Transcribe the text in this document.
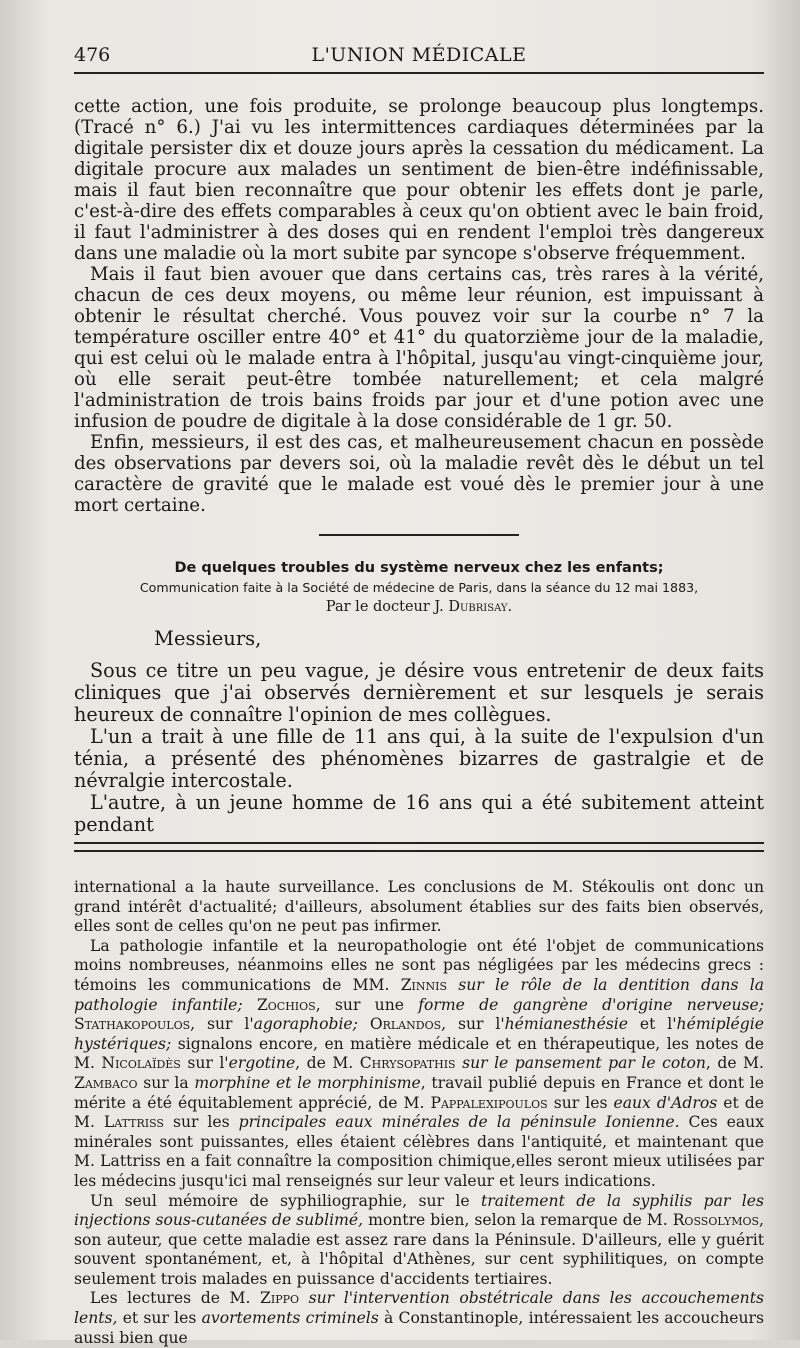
476	L'UNION MÉDICALE

cette action, une fois produite, se prolonge beaucoup plus longtemps. (Tracé n° 6.) J'ai vu les intermittences cardiaques déterminées par la digitale persister dix et douze jours après la cessation du médicament. La digitale procure aux malades un sentiment de bien-être indéfinissable, mais il faut bien reconnaître que pour obtenir les effets dont je parle, c'est-à-dire des effets comparables à ceux qu'on obtient avec le bain froid, il faut l'administrer à des doses qui en rendent l'emploi très dangereux dans une maladie où la mort subite par syncope s'observe fréquemment.

Mais il faut bien avouer que dans certains cas, très rares à la vérité, chacun de ces deux moyens, ou même leur réunion, est impuissant à obtenir le résultat cherché. Vous pouvez voir sur la courbe n° 7 la température osciller entre 40° et 41° du quatorzième jour de la maladie, qui est celui où le malade entra à l'hôpital, jusqu'au vingt-cinquième jour, où elle serait peut-être tombée naturellement; et cela malgré l'administration de trois bains froids par jour et d'une potion avec une infusion de poudre de digitale à la dose considérable de 1 gr. 50.

Enfin, messieurs, il est des cas, et malheureusement chacun en possède des observations par devers soi, où la maladie revêt dès le début un tel caractère de gravité que le malade est voué dès le premier jour à une mort certaine.

De quelques troubles du système nerveux chez les enfants;

Communication faite à la Société de médecine de Paris, dans la séance du 12 mai 1883,

Par le docteur J. Dubrisay.

Messieurs,

Sous ce titre un peu vague, je désire vous entretenir de deux faits cliniques que j'ai observés dernièrement et sur lesquels je serais heureux de connaître l'opinion de mes collègues.

L'un a trait à une fille de 11 ans qui, à la suite de l'expulsion d'un ténia, a présenté des phénomènes bizarres de gastralgie et de névralgie intercostale.

L'autre, à un jeune homme de 16 ans qui a été subitement atteint pendant

international a la haute surveillance. Les conclusions de M. Stékoulis ont donc un grand intérêt d'actualité; d'ailleurs, absolument établies sur des faits bien observés, elles sont de celles qu'on ne peut pas infirmer.

La pathologie infantile et la neuropathologie ont été l'objet de communications moins nombreuses, néanmoins elles ne sont pas négligées par les médecins grecs : témoins les communications de MM. Zinnis sur le rôle de la dentition dans la pathologie infantile; Zochios, sur une forme de gangrène d'origine nerveuse; Stathakopoulos, sur l'agoraphobie; Orlandos, sur l'hémianesthésie et l'hémiplégie hystériques; signalons encore, en matière médicale et en thérapeutique, les notes de M. Nicolaïdès sur l'ergotine, de M. Chrysopathis sur le pansement par le coton, de M. Zambaco sur la morphine et le morphinisme, travail publié depuis en France et dont le mérite a été équitablement apprécié, de M. Pappalexipoulos sur les eaux d'Adros et de M. Lattriss sur les principales eaux minérales de la péninsule Ionienne. Ces eaux minérales sont puissantes, elles étaient célèbres dans l'antiquité, et maintenant que M. Lattriss en a fait connaître la composition chimique,elles seront mieux utilisées par les médecins jusqu'ici mal renseignés sur leur valeur et leurs indications.

Un seul mémoire de syphiliographie, sur le traitement de la syphilis par les injections sous-cutanées de sublimé, montre bien, selon la remarque de M. Rossolymos, son auteur, que cette maladie est assez rare dans la Péninsule. D'ailleurs, elle y guérit souvent spontanément, et, à l'hôpital d'Athènes, sur cent syphilitiques, on compte seulement trois malades en puissance d'accidents tertiaires.

Les lectures de M. Zippo sur l'intervention obstétricale dans les accouchements lents, et sur les avortements criminels à Constantinople, intéressaient les accoucheurs aussi bien que
